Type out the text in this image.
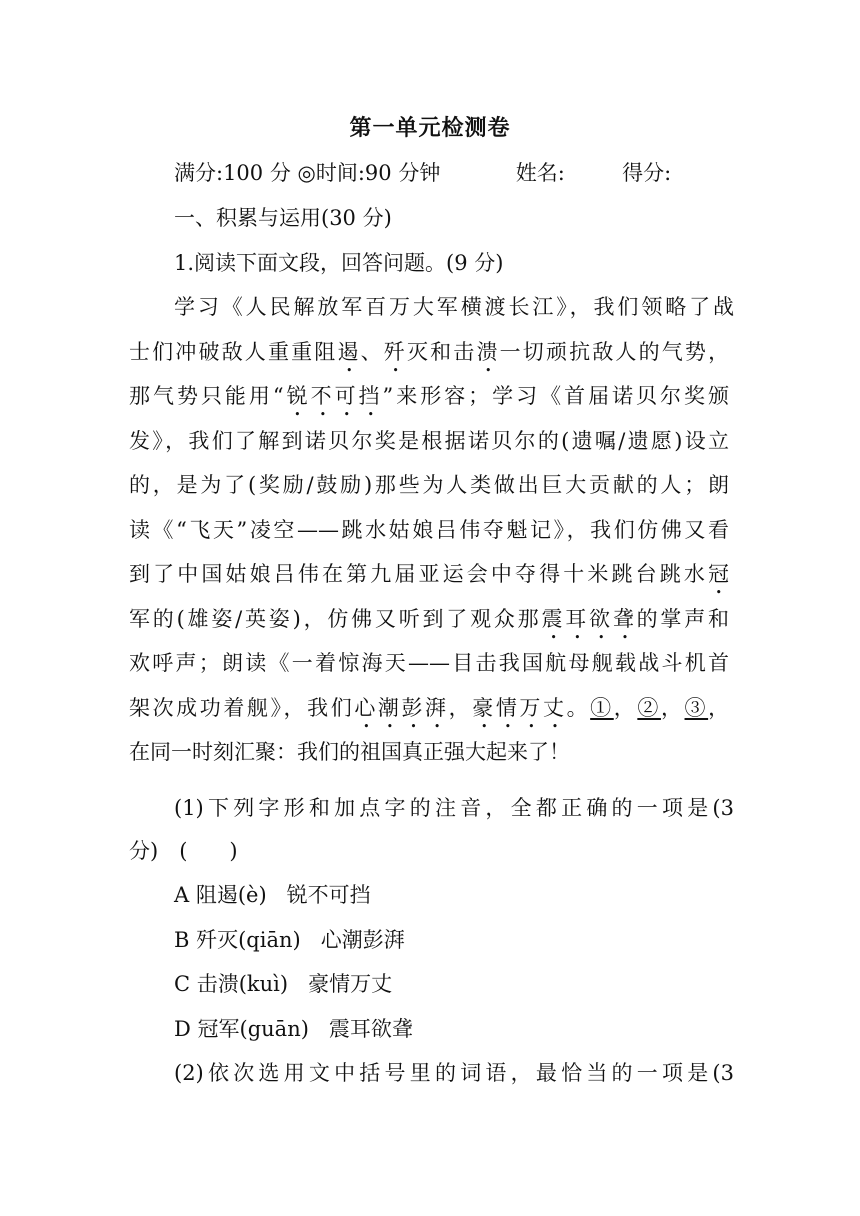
第一单元检测卷
满分:100 分 ◎时间:90 分钟	姓名:	得分:
一、积累与运用(30 分)
1.阅读下面文段，回答问题。(9 分)
学习《人民解放军百万大军横渡长江》，我们领略了战
士们冲破敌人重重阻遏、歼灭和击溃一切顽抗敌人的气势，
那气势只能用“锐不可挡”来形容；学习《首届诺贝尔奖颁
发》，我们了解到诺贝尔奖是根据诺贝尔的(遗嘱/遗愿)设立
的，是为了(奖励/鼓励)那些为人类做出巨大贡献的人；朗
读《“飞天”凌空——跳水姑娘吕伟夺魁记》，我们仿佛又看
到了中国姑娘吕伟在第九届亚运会中夺得十米跳台跳水冠
军的(雄姿/英姿)，仿佛又听到了观众那震耳欲聋的掌声和
欢呼声；朗读《一着惊海天——目击我国航母舰载战斗机首
架次成功着舰》，我们心潮彭湃，豪情万丈。①，②，③，
在同一时刻汇聚：我们的祖国真正强大起来了！
(1)下列字形和加点字的注音，全都正确的一项是(3
分)　(　　)
A 阻遏(è) 锐不可挡
B 歼灭(qiān) 心潮彭湃
C 击溃(kuì) 豪情万丈
D 冠军(guān) 震耳欲聋
(2)依次选用文中括号里的词语，最恰当的一项是(3
